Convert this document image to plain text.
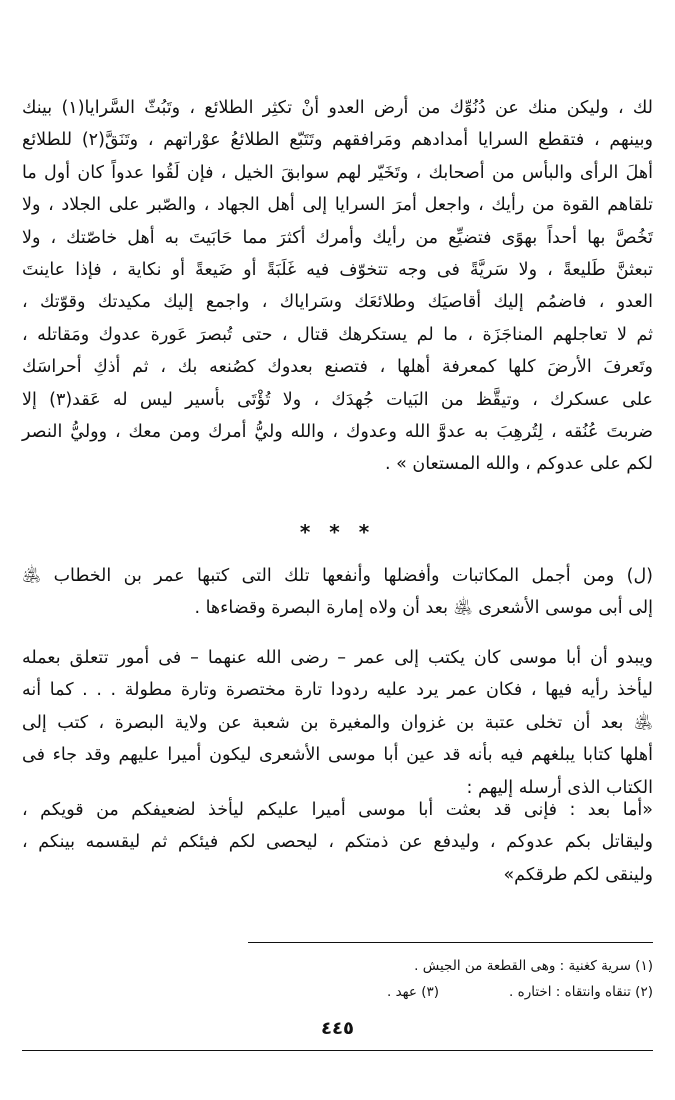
لك ، وليكن منك عن دُنُوِّك من أرض العدو أنْ تكثِر الطلائع ، وتَبُثّ السَّرايا(١) بينك
وبينهم ، فتقطع السرايا أمدادهم ومَرافقهم وتَتَبّع الطلائعُ عوْراتهم ، وتَنَقَّ(٢) للطلائع
أهلَ الرأى والبأس من أصحابك ، وتَخَيّر لهم سوابقَ الخيل ، فإن لَقُوا عدواً كان أول ما
تلقاهم القوة من رأيك ، واجعل أمرَ السرايا إلى أهل الجهاد ، والصّبر على الجلاد ، ولا
تَخُصَّ بها أحداً بهوًى فتضيِّع من رأيك وأمرك أكثرَ مما حَابَيتَ به أهل خاصّتك ، ولا
تبعثنَّ طَليعةً ، ولا سَريَّةً فى وجه تتخوّف فيه غَلَبَةً أو ضَيعةً أو نكاية ، فإذا عاينتَ
العدو ، فاضمُم إليك أقاصيَك وطلائعَك وسَراياك ، واجمع إليك مكيدتك وقوّتك ،
ثم لا تعاجلهم المناجَزَة ، ما لم يستكرهك قتال ، حتى تُبصرَ عَورة عدوك ومَقاتله ،
وتَعرفَ الأرضَ كلها كمعرفة أهلها ، فتصنع بعدوك كصُنعه بك ، ثم أذكِ أحراسَك
على عسكرك ، وتيقَّظ من البَيات جُهدَك ، ولا تُؤْتَى بأسير ليس له عَقد(٣) إلا
ضربتَ عُنُقه ، لِتُرهِبَ به عدوَّ الله وعدوك ، والله وليُّ أمرك ومن معك ، ووليُّ النصر
لكم على عدوكم ، والله المستعان » .
* * *
(ل) ومن أجمل المكاتبات وأفضلها وأنفعها تلك التى كتبها عمر بن الخطاب ﵁
إلى أبى موسى الأشعرى ﵁ بعد أن ولاه إمارة البصرة وقضاءها .
ويبدو أن أبا موسى كان يكتب إلى عمر – رضى الله عنهما – فى أمور تتعلق بعمله
ليأخذ رأيه فيها ، فكان عمر يرد عليه ردودا تارة مختصرة وتارة مطولة . . . كما أنه
﵁ بعد أن تخلى عتبة بن غزوان والمغيرة بن شعبة عن ولاية البصرة ، كتب إلى
أهلها كتابا يبلغهم فيه بأنه قد عين أبا موسى الأشعرى ليكون أميرا عليهم وقد جاء فى
الكتاب الذى أرسله إليهم :
«أما بعد : فإنى قد بعثت أبا موسى أميرا عليكم ليأخذ لضعيفكم من قويكم ،
وليقاتل بكم عدوكم ، وليدفع عن ذمتكم ، ليحصى لكم فيئكم ثم ليقسمه بينكم ،
ولينقى لكم طرقكم»
(١) سرية كغنية : وهى القطعة من الجيش .
(٢) تنقاه وانتقاه : اختاره .(٣) عهد .
٤٤٥
